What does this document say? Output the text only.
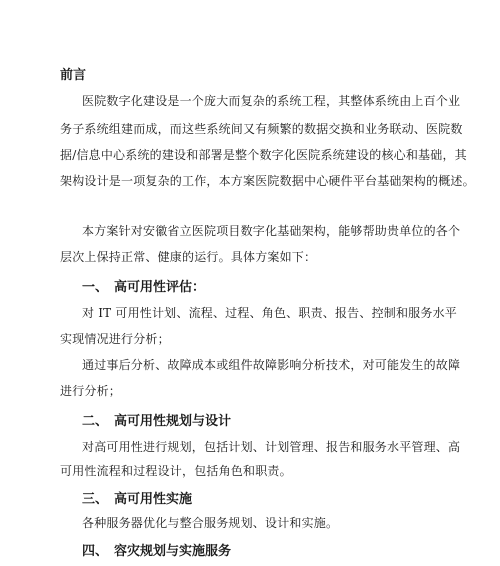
前言
医院数字化建设是一个庞大而复杂的系统工程，其整体系统由上百个业
务子系统组建而成，而这些系统间又有频繁的数据交换和业务联动、医院数
据/信息中心系统的建设和部署是整个数字化医院系统建设的核心和基础，其
架构设计是一项复杂的工作，本方案医院数据中心硬件平台基础架构的概述。
本方案针对安徽省立医院项目数字化基础架构，能够帮助贵单位的各个
层次上保持正常、健康的运行。具体方案如下：
一、 高可用性评估：
对 IT 可用性计划、流程、过程、角色、职责、报告、控制和服务水平
实现情况进行分析；
通过事后分析、故障成本或组件故障影响分析技术，对可能发生的故障
进行分析；
二、 高可用性规划与设计
对高可用性进行规划，包括计划、计划管理、报告和服务水平管理、高
可用性流程和过程设计，包括角色和职责。
三、 高可用性实施
各种服务器优化与整合服务规划、设计和实施。
四、 容灾规划与实施服务
